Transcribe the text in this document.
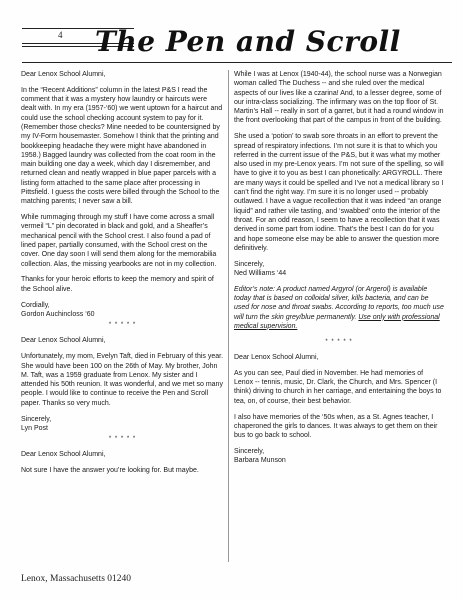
4 The Pen and Scroll

Dear Lenox School Alumni,

In the “Recent Additions” column in the latest P&S I read the comment that it was a mystery how laundry or haircuts were dealt with. In my era (1957-‘60) we went uptown for a haircut and could use the school checking account system to pay for it. (Remember those checks? Mine needed to be countersigned by my IV-Form housemaster. Somehow I think that the printing and bookkeeping headache they were might have abandoned in 1958.) Bagged laundry was collected from the coat room in the main building one day a week, which day I disremember, and returned clean and neatly wrapped in blue paper parcels with a listing form attached to the same place after processing in Pittsfield. I guess the costs were billed through the School to the matching parents; I never saw a bill.

While rummaging through my stuff I have come across a small vermeil “L” pin decorated in black and gold, and a Sheaffer’s mechanical pencil with the School crest. I also found a pad of lined paper, partially consumed, with the School crest on the cover. One day soon I will send them along for the memorabilia collection. Alas, the missing yearbooks are not in my collection.

Thanks for your heroic efforts to keep the memory and spirit of the School alive.

Cordially,

Gordon Auchincloss ‘60

* * * * *

Dear Lenox School Alumni,

Unfortunately, my mom, Evelyn Taft, died in February of this year. She would have been 100 on the 26th of May. My brother, John M. Taft, was a 1959 graduate from Lenox. My sister and I attended his 50th reunion. It was wonderful, and we met so many people. I would like to continue to receive the Pen and Scroll paper. Thanks so very much.

Sincerely,

Lyn Post

* * * * *

Dear Lenox School Alumni,

Not sure I have the answer you’re looking for. But maybe.

While I was at Lenox (1940-44), the school nurse was a Norwegian woman called The Duchess -- and she ruled over the medical aspects of our lives like a czarina! And, to a lesser degree, some of our intra-class socializing. The infirmary was on the top floor of St. Martin’s Hall -- really in sort of a garret, but it had a round window in the front overlooking that part of the campus in front of the building.

She used a ‘potion’ to swab sore throats in an effort to prevent the spread of respiratory infections. I’m not sure it is that to which you referred in the current issue of the P&S, but it was what my mother also used in my pre-Lenox years. I’m not sure of the spelling, so will have to give it to you as best I can phonetically: ARGYROLL. There are many ways it could be spelled and I’ve not a medical library so I can’t find the right way. I’m sure it is no longer used -- probably outlawed. I have a vague recollection that it was indeed “an orange liquid” and rather vile tasting, and ‘swabbed’ onto the interior of the throat. For an odd reason, I seem to have a recollection that it was derived in some part from iodine. That’s the best I can do for you and hope someone else may be able to answer the question more definitively.

Sincerely,

Ned Williams ‘44

Editor’s note: A product named Argyrol (or Argerol) is available today that is based on colloidal silver, kills bacteria, and can be used for nose and throat swabs. According to reports, too much use will turn the skin grey/blue permanently. Use only with professional medical supervision.

* * * * *

Dear Lenox School Alumni,

As you can see, Paul died in November. He had memories of Lenox -- tennis, music, Dr. Clark, the Church, and Mrs. Spencer (I think) driving to church in her carriage, and entertaining the boys to tea, on, of course, their best behavior.

I also have memories of the ‘50s when, as a St. Agnes teacher, I chaperoned the girls to dances. It was always to get them on their bus to go back to school.

Sincerely,

Barbara Munson

Lenox, Massachusetts 01240
